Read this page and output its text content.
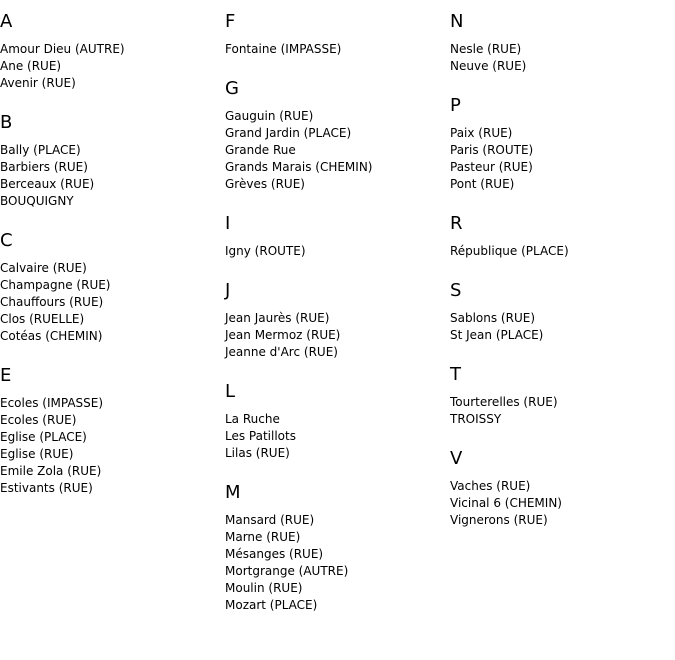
A
Amour Dieu (AUTRE)
Ane (RUE)
Avenir (RUE)
B
Bally (PLACE)
Barbiers (RUE)
Berceaux (RUE)
BOUQUIGNY
C
Calvaire (RUE)
Champagne (RUE)
Chauffours (RUE)
Clos (RUELLE)
Cotéas (CHEMIN)
E
Ecoles (IMPASSE)
Ecoles (RUE)
Eglise (PLACE)
Eglise (RUE)
Emile Zola (RUE)
Estivants (RUE)
F
Fontaine (IMPASSE)
G
Gauguin (RUE)
Grand Jardin (PLACE)
Grande Rue
Grands Marais (CHEMIN)
Grèves (RUE)
I
Igny (ROUTE)
J
Jean Jaurès (RUE)
Jean Mermoz (RUE)
Jeanne d'Arc (RUE)
L
La Ruche
Les Patillots
Lilas (RUE)
M
Mansard (RUE)
Marne (RUE)
Mésanges (RUE)
Mortgrange (AUTRE)
Moulin (RUE)
Mozart (PLACE)
N
Nesle (RUE)
Neuve (RUE)
P
Paix (RUE)
Paris (ROUTE)
Pasteur (RUE)
Pont (RUE)
R
République (PLACE)
S
Sablons (RUE)
St Jean (PLACE)
T
Tourterelles (RUE)
TROISSY
V
Vaches (RUE)
Vicinal 6 (CHEMIN)
Vignerons (RUE)
